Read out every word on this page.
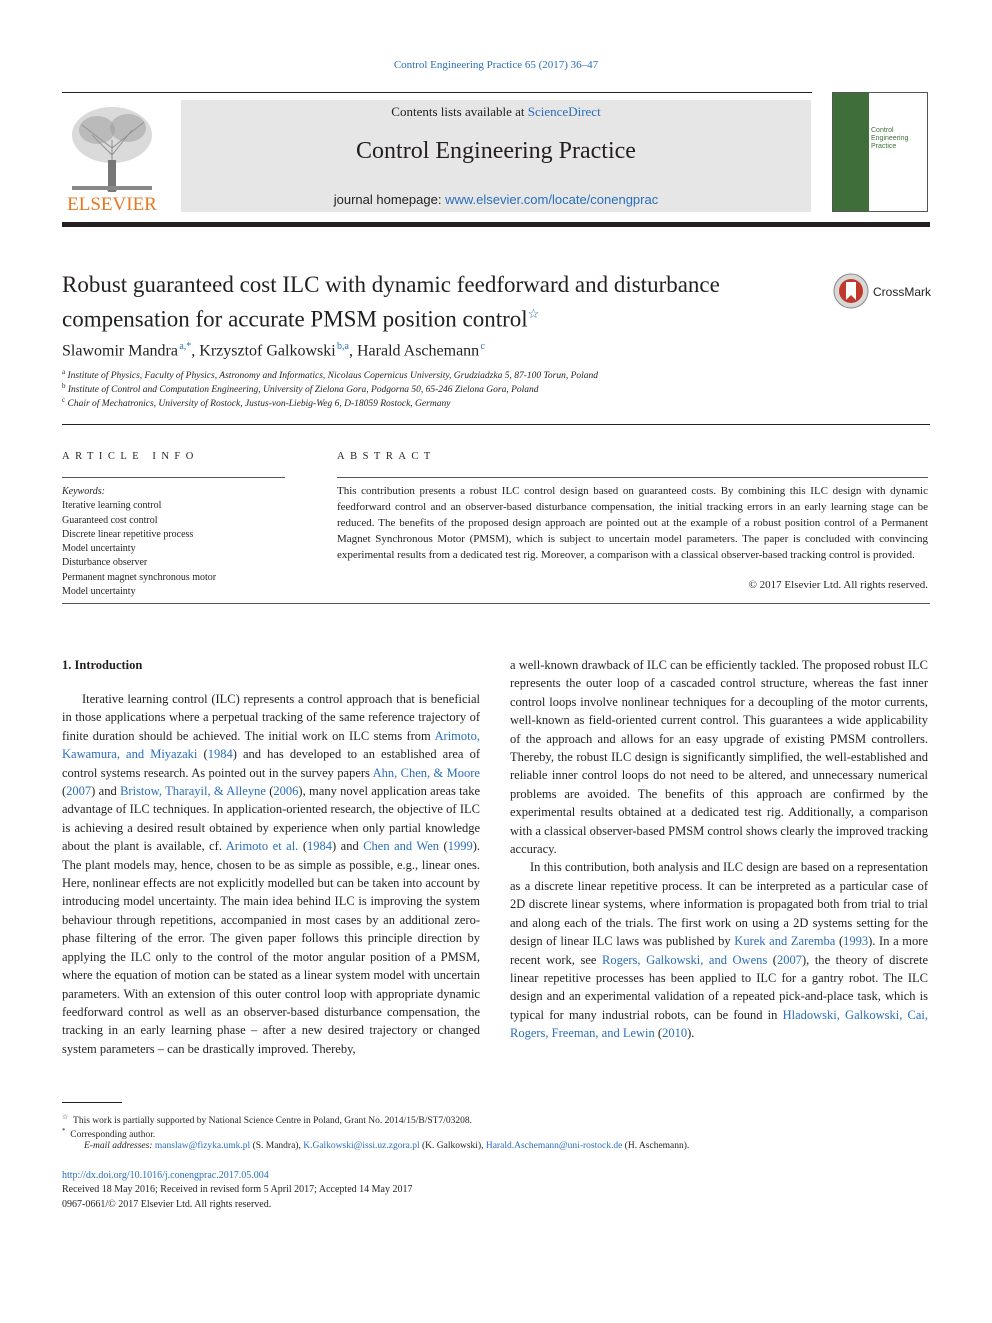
Control Engineering Practice 65 (2017) 36–47
ELSEVIER
Contents lists available at ScienceDirect
Control Engineering Practice
journal homepage: www.elsevier.com/locate/conengprac
Control Engineering Practice
Robust guaranteed cost ILC with dynamic feedforward and disturbance
compensation for accurate PMSM position control☆
CrossMark
Slawomir Mandra $^{a,*}$, Krzysztof Galkowski $^{b,a}$, Harald Aschemann $^c$
$^a$ Institute of Physics, Faculty of Physics, Astronomy and Informatics, Nicolaus Copernicus University, Grudziadzka 5, 87-100 Torun, Poland
$^b$ Institute of Control and Computation Engineering, University of Zielona Gora, Podgorna 50, 65-246 Zielona Gora, Poland
$^c$ Chair of Mechatronics, University of Rostock, Justus-von-Liebig-Weg 6, D-18059 Rostock, Germany
ARTICLE INFO	ABSTRACT
Keywords:
Iterative learning control
Guaranteed cost control
Discrete linear repetitive process
Model uncertainty
Disturbance observer
Permanent magnet synchronous motor
Model uncertainty
This contribution presents a robust ILC control design based on guaranteed costs. By combining this ILC design with dynamic feedforward control and an observer-based disturbance compensation, the initial tracking errors in an early learning stage can be reduced. The benefits of the proposed design approach are pointed out at the example of a robust position control of a Permanent Magnet Synchronous Motor (PMSM), which is subject to uncertain model parameters. The paper is concluded with convincing experimental results from a dedicated test rig. Moreover, a comparison with a classical observer-based tracking control is provided.
© 2017 Elsevier Ltd. All rights reserved.
1. Introduction

Iterative learning control (ILC) represents a control approach that is beneficial in those applications where a perpetual tracking of the same reference trajectory of finite duration should be achieved. The initial work on ILC stems from Arimoto, Kawamura, and Miyazaki (1984) and has developed to an established area of control systems research. As pointed out in the survey papers Ahn, Chen, & Moore (2007) and Bristow, Tharayil, & Alleyne (2006), many novel application areas take advantage of ILC techniques. In application-oriented research, the objective of ILC is achieving a desired result obtained by experience when only partial knowledge about the plant is available, cf. Arimoto et al. (1984) and Chen and Wen (1999). The plant models may, hence, chosen to be as simple as possible, e.g., linear ones. Here, nonlinear effects are not explicitly modelled but can be taken into account by introducing model uncertainty. The main idea behind ILC is improving the system behaviour through repetitions, accompanied in most cases by an additional zero-phase filtering of the error. The given paper follows this principle direction by applying the ILC only to the control of the motor angular position of a PMSM, where the equation of motion can be stated as a linear system model with uncertain parameters. With an extension of this outer control loop with appropriate dynamic feedforward control as well as an observer-based disturbance compensation, the tracking in an early learning phase – after a new desired trajectory or changed system parameters – can be drastically improved. Thereby,

a well-known drawback of ILC can be efficiently tackled. The proposed robust ILC represents the outer loop of a cascaded control structure, whereas the fast inner control loops involve nonlinear techniques for a decoupling of the motor currents, well-known as field-oriented current control. This guarantees a wide applicability of the approach and allows for an easy upgrade of existing PMSM controllers. Thereby, the robust ILC design is significantly simplified, the well-established and reliable inner control loops do not need to be altered, and unnecessary numerical problems are avoided. The benefits of this approach are confirmed by the experimental results obtained at a dedicated test rig. Additionally, a comparison with a classical observer-based PMSM control shows clearly the improved tracking accuracy.

In this contribution, both analysis and ILC design are based on a representation as a discrete linear repetitive process. It can be interpreted as a particular case of 2D discrete linear systems, where information is propagated both from trial to trial and along each of the trials. The first work on using a 2D systems setting for the design of linear ILC laws was published by Kurek and Zaremba (1993). In a more recent work, see Rogers, Galkowski, and Owens (2007), the theory of discrete linear repetitive processes has been applied to ILC for a gantry robot. The ILC design and an experimental validation of a repeated pick-and-place task, which is typical for many industrial robots, can be found in Hladowski, Galkowski, Cai, Rogers, Freeman, and Lewin (2010).

☆ This work is partially supported by National Science Centre in Poland, Grant No. 2014/15/B/ST7/03208.
* Corresponding author.
E-mail addresses: manslaw@fizyka.umk.pl (S. Mandra), K.Galkowski@issi.uz.zgora.pl (K. Galkowski), Harald.Aschemann@uni-rostock.de (H. Aschemann).
http://dx.doi.org/10.1016/j.conengprac.2017.05.004
Received 18 May 2016; Received in revised form 5 April 2017; Accepted 14 May 2017
0967-0661/© 2017 Elsevier Ltd. All rights reserved.
